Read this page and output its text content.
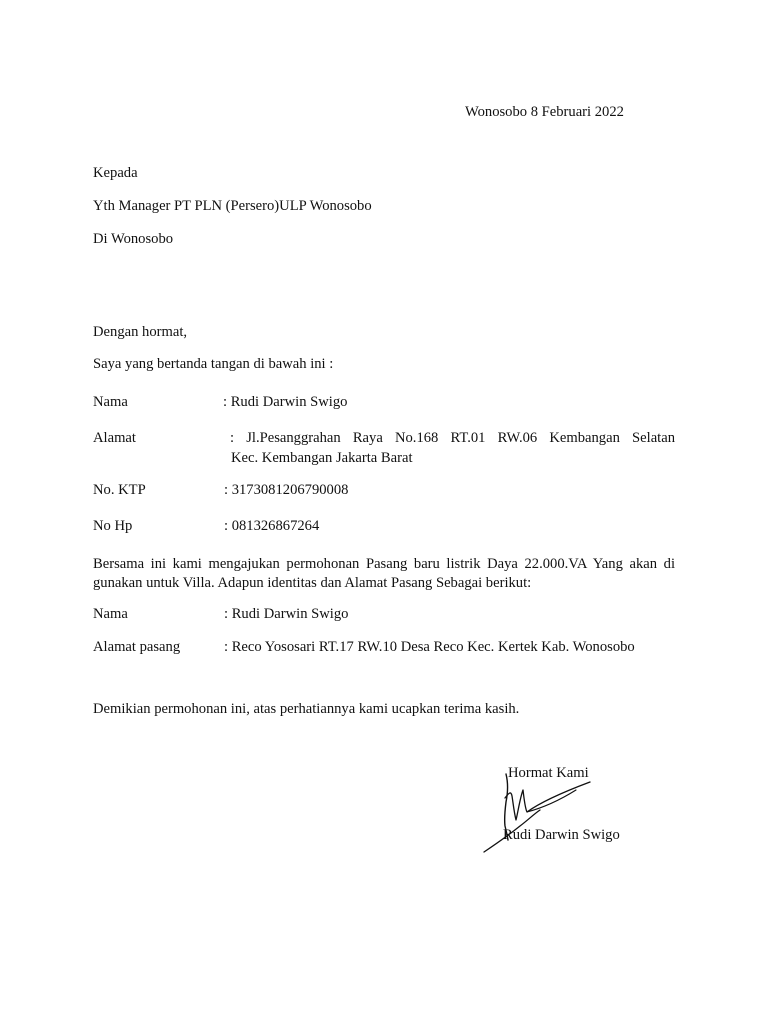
Wonosobo 8 Februari 2022
Kepada
Yth Manager PT PLN (Persero)ULP Wonosobo
Di Wonosobo
Dengan hormat,
Saya yang bertanda tangan di bawah ini :
Nama	: Rudi Darwin Swigo
Alamat	: Jl.Pesanggrahan Raya No.168 RT.01 RW.06 Kembangan Selatan
Kec. Kembangan Jakarta Barat
No. KTP	: 3173081206790008
No Hp	: 081326867264
Bersama ini kami mengajukan permohonan Pasang baru listrik Daya 22.000.VA Yang akan di
gunakan untuk Villa. Adapun identitas dan Alamat Pasang Sebagai berikut:
Nama	: Rudi Darwin Swigo
Alamat pasang	: Reco Yososari RT.17 RW.10 Desa Reco Kec. Kertek Kab. Wonosobo
Demikian permohonan ini, atas perhatiannya kami ucapkan terima kasih.
Hormat Kami
Rudi Darwin Swigo
